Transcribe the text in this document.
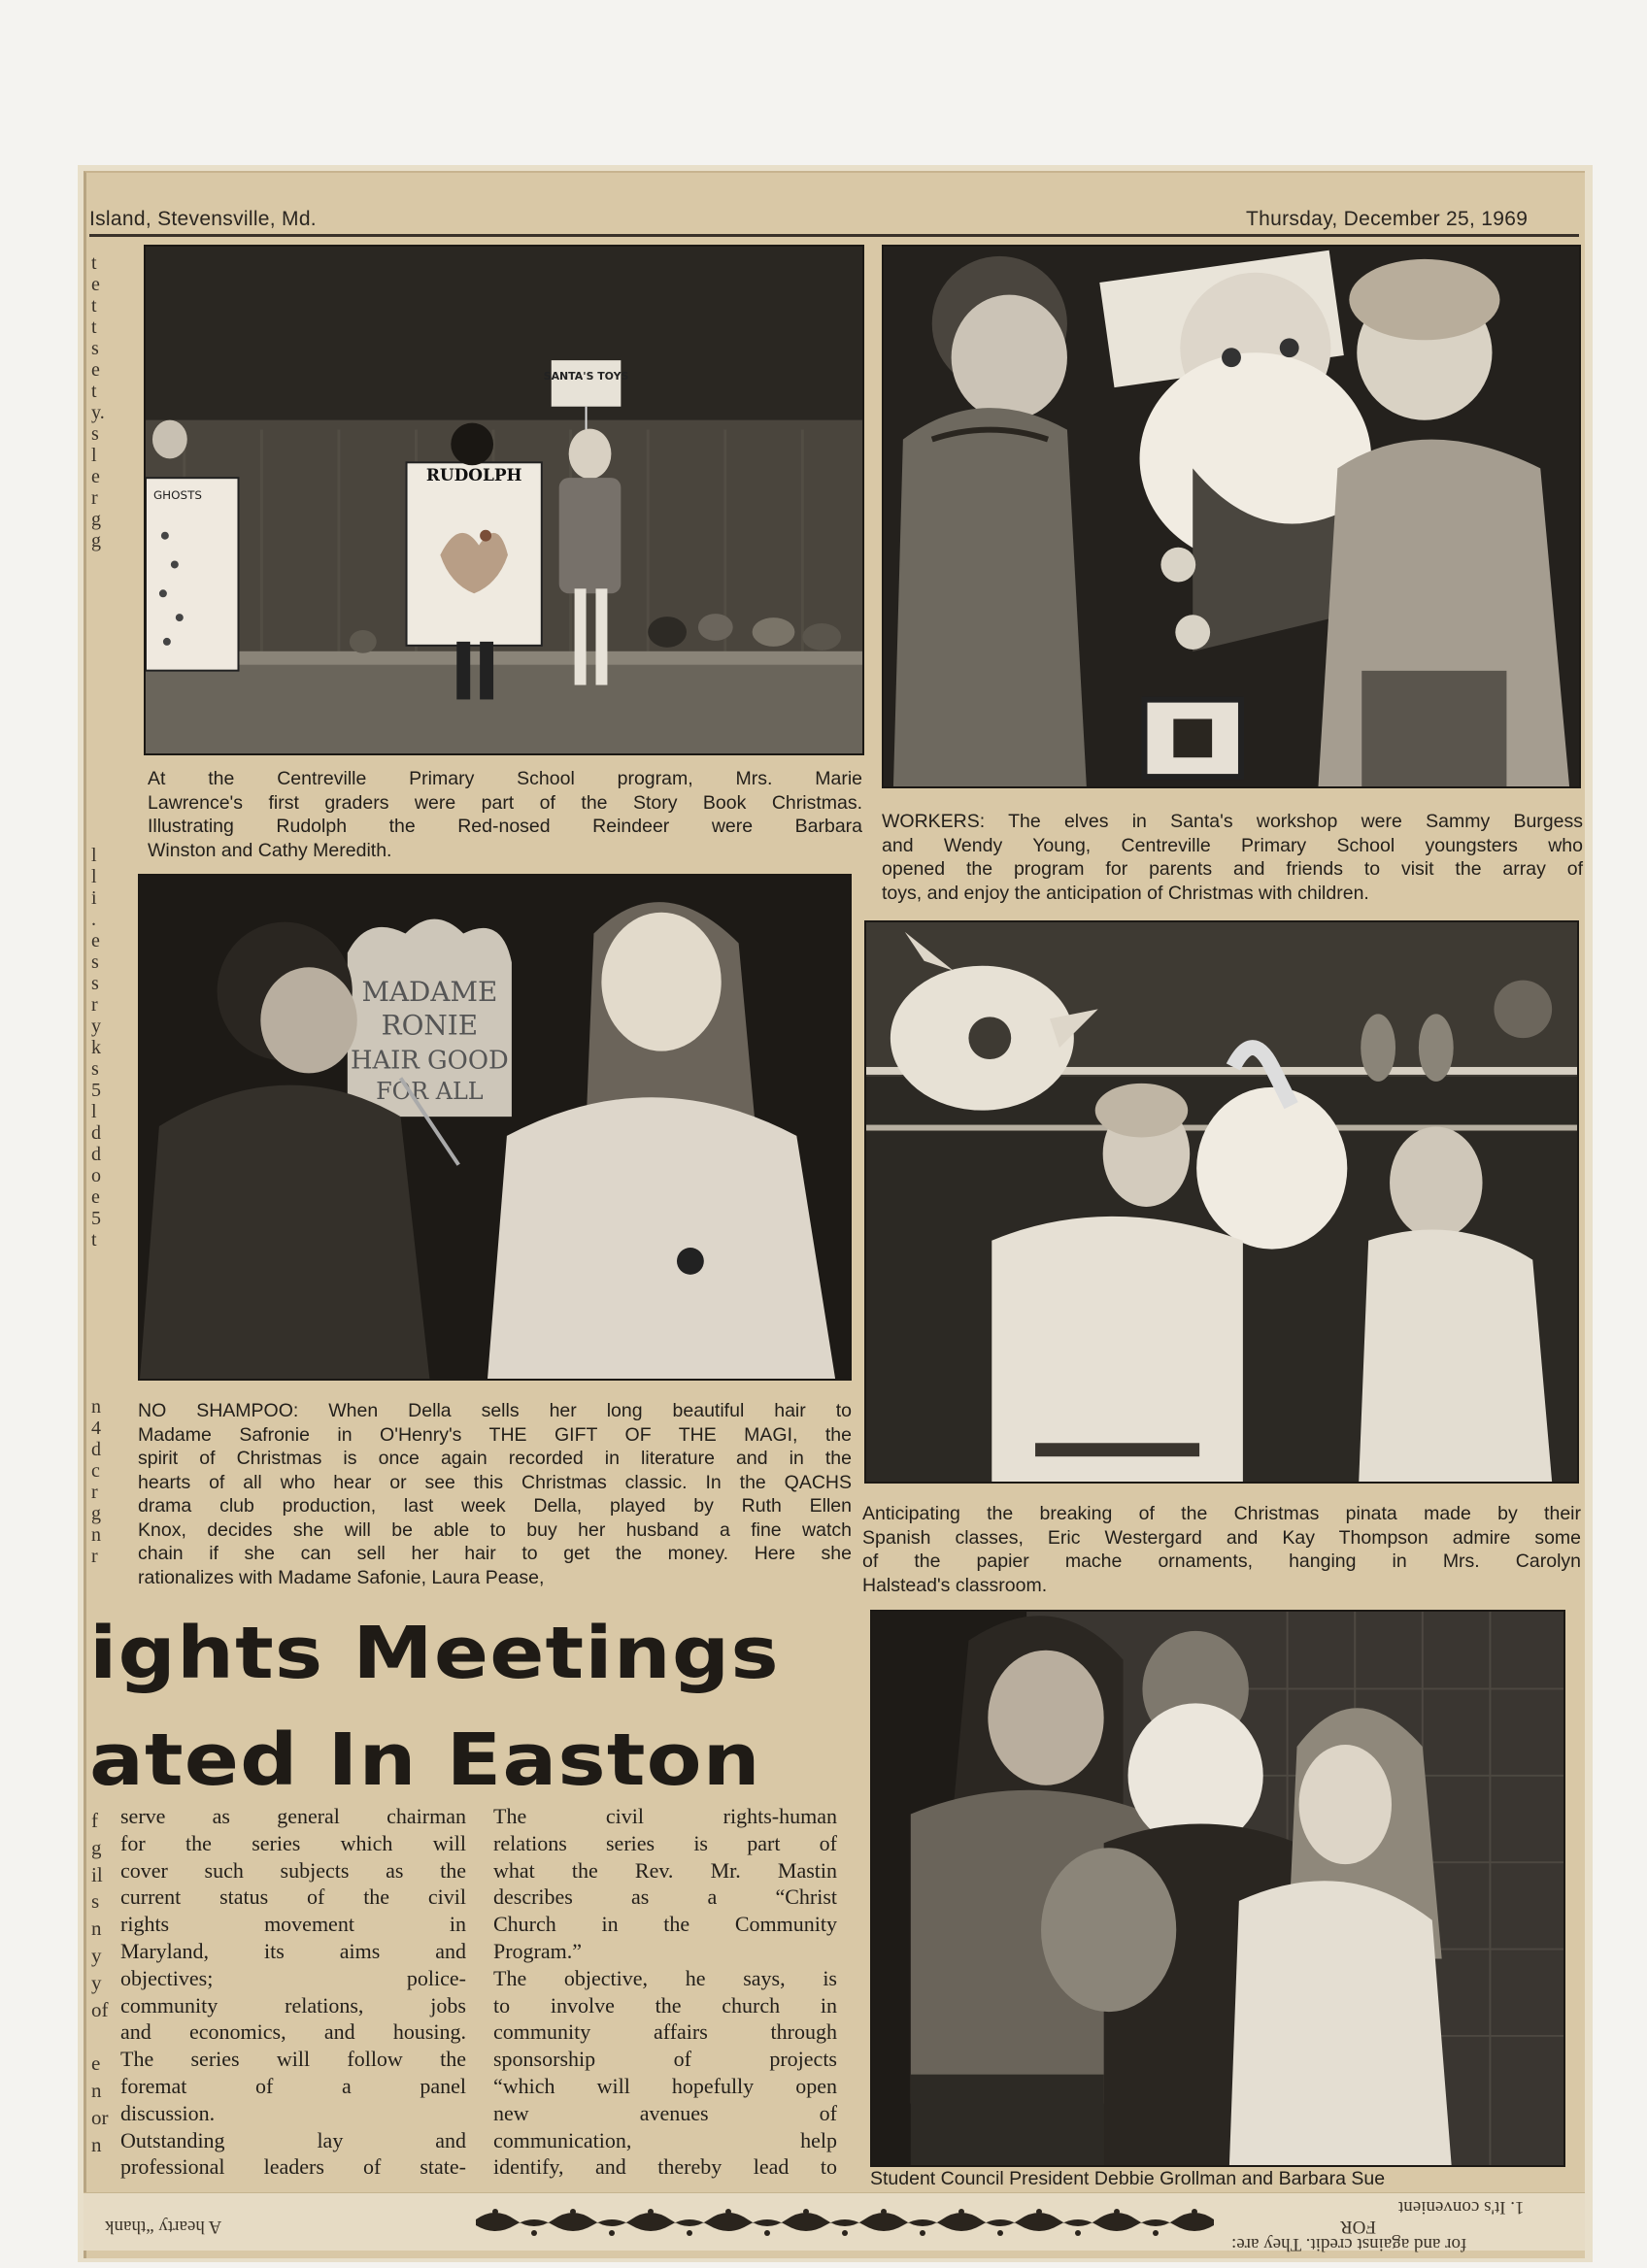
Island, Stevensville, Md.	Thursday, December 25, 1969
t
e
t
t
s
e
t
y.
s
l
e
r
g
g
l
l
i
.
e
s
s
r
y
k
s
5
l
d
d
o
e
5
t
n
4
d
c
r
g
n
r
f
g
il
s
n
y
y
of
e
n
or
n
SANTA'S TOYS
RUDOLPH
GHOSTS
At the Centreville Primary School program, Mrs. Marie
Lawrence's first graders were part of the Story Book Christmas.
Illustrating Rudolph the Red-nosed Reindeer were Barbara
Winston and Cathy Meredith.
WORKERS: The elves in Santa's workshop were Sammy Burgess
and Wendy Young, Centreville Primary School youngsters who
opened the program for parents and friends to visit the array of
toys, and enjoy the anticipation of Christmas with children.
MADAME
RONIE
HAIR GOOD
FOR ALL
NO SHAMPOO: When Della sells her long beautiful hair to
Madame Safronie in O'Henry's THE GIFT OF THE MAGI, the
spirit of Christmas is once again recorded in literature and in the
hearts of all who hear or see this Christmas classic. In the QACHS
drama club production, last week Della, played by Ruth Ellen
Knox, decides she will be able to buy her husband a fine watch
chain if she can sell her hair to get the money. Here she
rationalizes with Madame Safonie, Laura Pease,
Anticipating the breaking of the Christmas pinata made by their
Spanish classes, Eric Westergard and Kay Thompson admire some
of the papier mache ornaments, hanging in Mrs. Carolyn
Halstead's classroom.
Student Council President Debbie Grollman and Barbara Sue
ights Meetings
ated In Easton
serve as general chairman
for the series which will
cover such subjects as the
current status of the civil
rights movement in
Maryland, its aims and
objectives; police-
community relations, jobs
and economics, and housing.
The series will follow the
foremat of a panel
discussion.
Outstanding lay and
professional leaders of state-
The civil rights-human
relations series is part of
what the Rev. Mr. Mastin
describes as a “Christ
Church in the Community
Program.”
The objective, he says, is
to involve the church in
community affairs through
sponsorship of projects
“which will hopefully open
new avenues of
communication, help
identify, and thereby lead to
A hearty “thank
for and against credit. They are:
FOR
1. It's convenient
